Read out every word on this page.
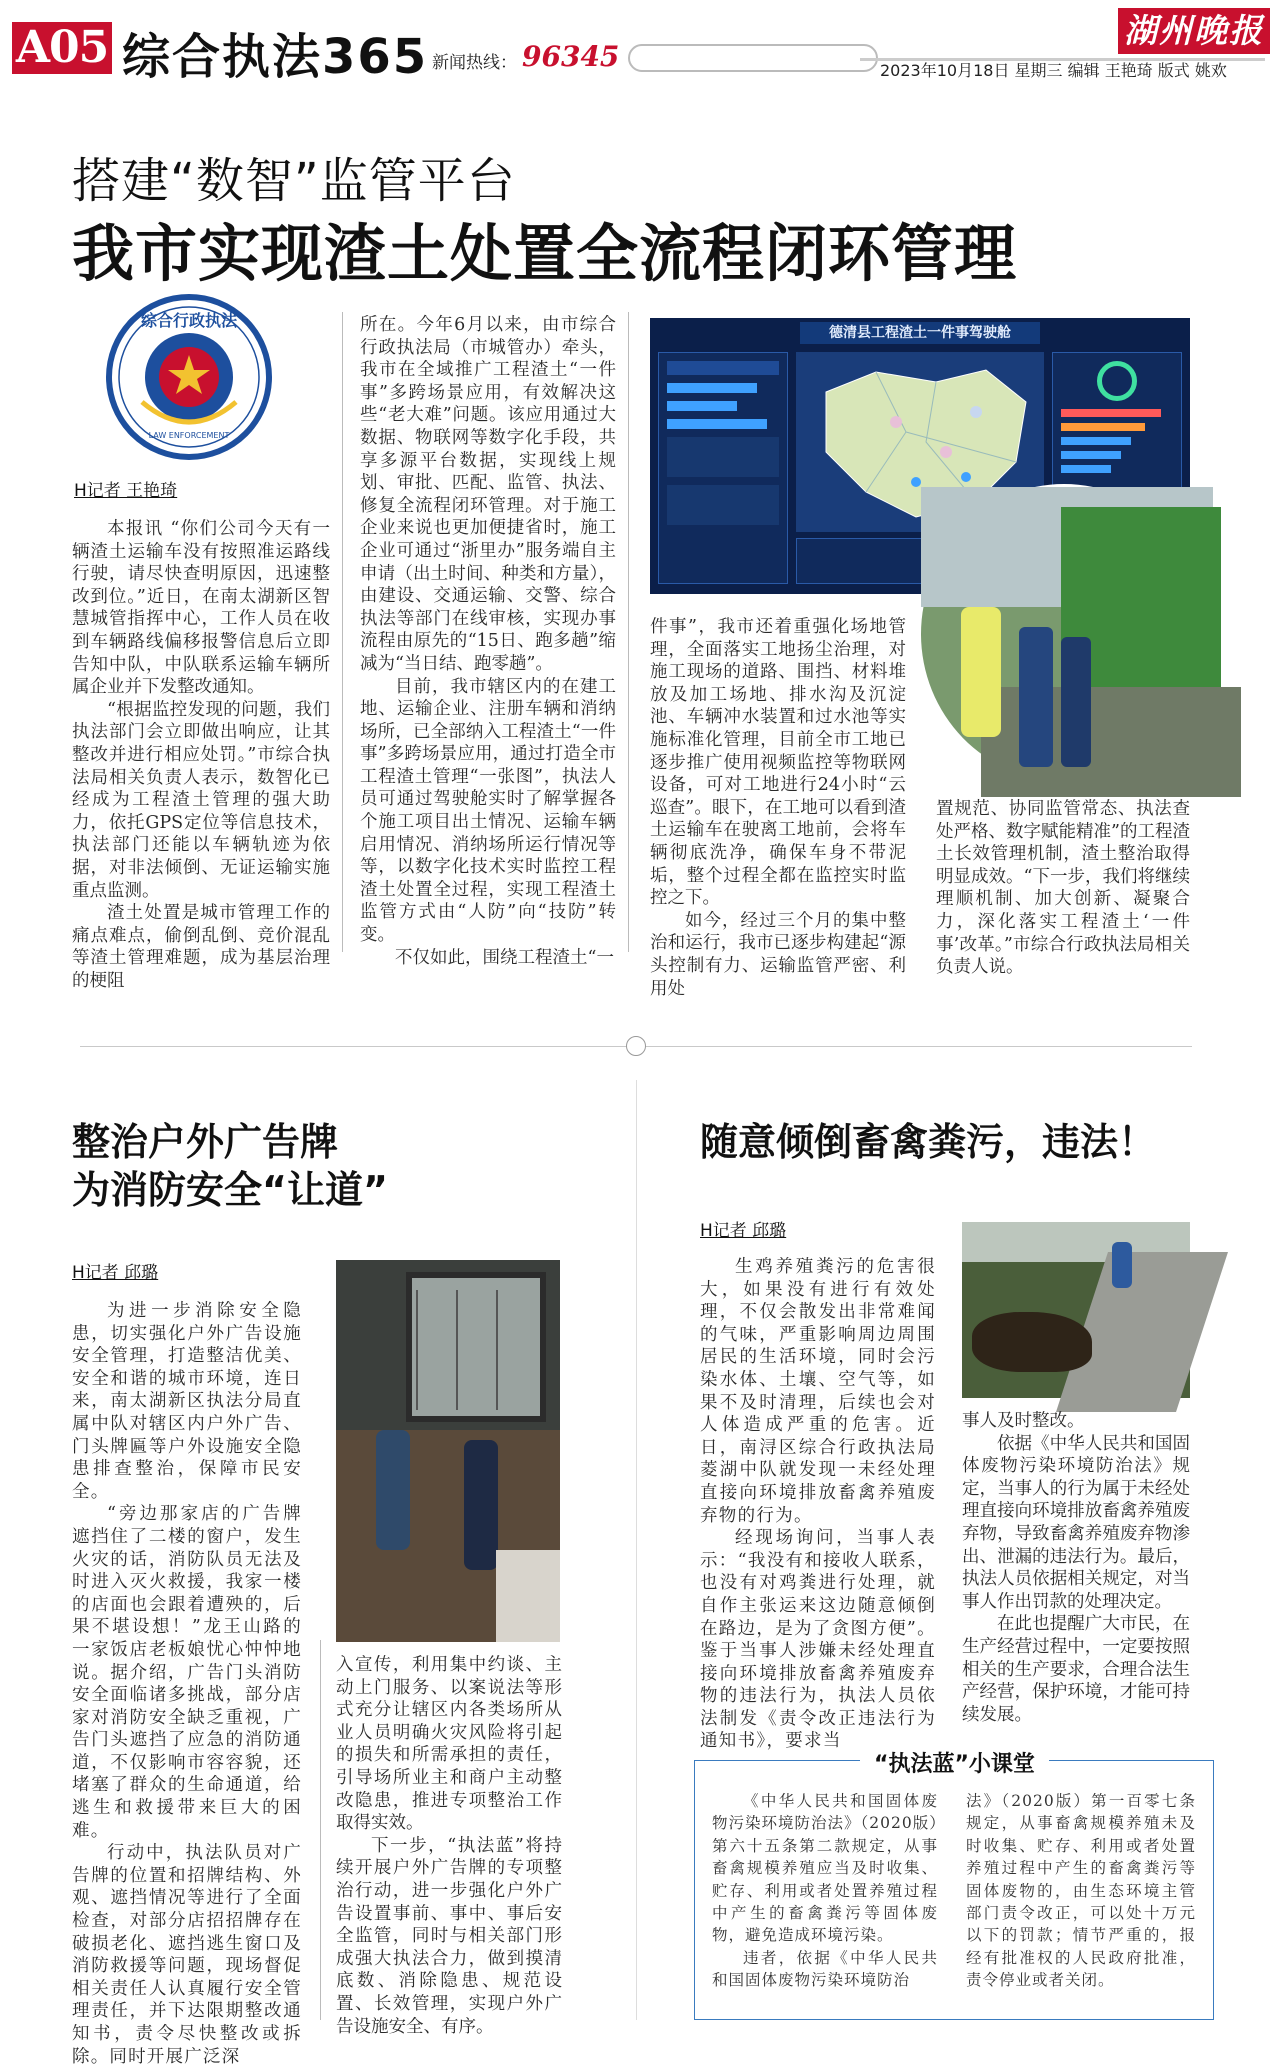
A05 综合执法365 新闻热线： 96345
湖州晚报
2023年10月18日 星期三 编辑 王艳琦 版式 姚欢
搭建“数智”监管平台
我市实现渣土处置全流程闭环管理
综合行政执法
LAW ENFORCEMENT
H记者 王艳琦

本报讯 “你们公司今天有一辆渣土运输车没有按照准运路线行驶，请尽快查明原因，迅速整改到位。”近日，在南太湖新区智慧城管指挥中心，工作人员在收到车辆路线偏移报警信息后立即告知中队，中队联系运输车辆所属企业并下发整改通知。

“根据监控发现的问题，我们执法部门会立即做出响应，让其整改并进行相应处罚。”市综合执法局相关负责人表示，数智化已经成为工程渣土管理的强大助力，依托GPS定位等信息技术，执法部门还能以车辆轨迹为依据，对非法倾倒、无证运输实施重点监测。

渣土处置是城市管理工作的痛点难点，偷倒乱倒、竞价混乱等渣土管理难题，成为基层治理的梗阻

所在。今年6月以来，由市综合行政执法局（市城管办）牵头，我市在全域推广工程渣土“一件事”多跨场景应用，有效解决这些“老大难”问题。该应用通过大数据、物联网等数字化手段，共享多源平台数据，实现线上规划、审批、匹配、监管、执法、修复全流程闭环管理。对于施工企业来说也更加便捷省时，施工企业可通过“浙里办”服务端自主申请（出土时间、种类和方量），由建设、交通运输、交警、综合执法等部门在线审核，实现办事流程由原先的“15日、跑多趟”缩减为“当日结、跑零趟”。

目前，我市辖区内的在建工地、运输企业、注册车辆和消纳场所，已全部纳入工程渣土“一件事”多跨场景应用，通过打造全市工程渣土管理“一张图”，执法人员可通过驾驶舱实时了解掌握各个施工项目出土情况、运输车辆启用情况、消纳场所运行情况等等，以数字化技术实时监控工程渣土处置全过程，实现工程渣土监管方式由“人防”向“技防”转变。

不仅如此，围绕工程渣土“一

德清县工程渣土一件事驾驶舱

件事”，我市还着重强化场地管理，全面落实工地扬尘治理，对施工现场的道路、围挡、材料堆放及加工场地、排水沟及沉淀池、车辆冲水装置和过水池等实施标准化管理，目前全市工地已逐步推广使用视频监控等物联网设备，可对工地进行24小时“云巡查”。眼下，在工地可以看到渣土运输车在驶离工地前，会将车辆彻底洗净，确保车身不带泥垢，整个过程全都在监控实时监控之下。

如今，经过三个月的集中整治和运行，我市已逐步构建起“源头控制有力、运输监管严密、利用处

置规范、协同监管常态、执法查处严格、数字赋能精准”的工程渣土长效管理机制，渣土整治取得明显成效。“下一步，我们将继续理顺机制、加大创新、凝聚合力，深化落实工程渣土‘一件事’改革。”市综合行政执法局相关负责人说。

整治户外广告牌
为消防安全“让道”
H记者 邱璐

为进一步消除安全隐患，切实强化户外广告设施安全管理，打造整洁优美、安全和谐的城市环境，连日来，南太湖新区执法分局直属中队对辖区内户外广告、门头牌匾等户外设施安全隐患排查整治，保障市民安全。

“旁边那家店的广告牌遮挡住了二楼的窗户，发生火灾的话，消防队员无法及时进入灭火救援，我家一楼的店面也会跟着遭殃的，后果不堪设想！”龙王山路的一家饭店老板娘忧心忡忡地说。据介绍，广告门头消防安全面临诸多挑战，部分店家对消防安全缺乏重视，广告门头遮挡了应急的消防通道，不仅影响市容容貌，还堵塞了群众的生命通道，给逃生和救援带来巨大的困难。

行动中，执法队员对广告牌的位置和招牌结构、外观、遮挡情况等进行了全面检查，对部分店招招牌存在破损老化、遮挡逃生窗口及消防救援等问题，现场督促相关责任人认真履行安全管理责任，并下达限期整改通知书，责令尽快整改或拆除。同时开展广泛深

入宣传，利用集中约谈、主动上门服务、以案说法等形式充分让辖区内各类场所从业人员明确火灾风险将引起的损失和所需承担的责任，引导场所业主和商户主动整改隐患，推进专项整治工作取得实效。

下一步，“执法蓝”将持续开展户外广告牌的专项整治行动，进一步强化户外广告设置事前、事中、事后安全监管，同时与相关部门形成强大执法合力，做到摸清底数、消除隐患、规范设置、长效管理，实现户外广告设施安全、有序。

随意倾倒畜禽粪污，违法！
H记者 邱璐

生鸡养殖粪污的危害很大，如果没有进行有效处理，不仅会散发出非常难闻的气味，严重影响周边周围居民的生活环境，同时会污染水体、土壤、空气等，如果不及时清理，后续也会对人体造成严重的危害。近日，南浔区综合行政执法局菱湖中队就发现一未经处理直接向环境排放畜禽养殖废弃物的行为。

经现场询问，当事人表示：“我没有和接收人联系，也没有对鸡粪进行处理，就自作主张运来这边随意倾倒在路边，是为了贪图方便”。鉴于当事人涉嫌未经处理直接向环境排放畜禽养殖废弃物的违法行为，执法人员依法制发《责令改正违法行为通知书》，要求当

事人及时整改。

依据《中华人民共和国固体废物污染环境防治法》规定，当事人的行为属于未经处理直接向环境排放畜禽养殖废弃物，导致畜禽养殖废弃物渗出、泄漏的违法行为。最后，执法人员依据相关规定，对当事人作出罚款的处理决定。

在此也提醒广大市民，在生产经营过程中，一定要按照相关的生产要求，合理合法生产经营，保护环境，才能可持续发展。

“执法蓝”小课堂

《中华人民共和国固体废物污染环境防治法》（2020版）第六十五条第二款规定，从事畜禽规模养殖应当及时收集、贮存、利用或者处置养殖过程中产生的畜禽粪污等固体废物，避免造成环境污染。

违者，依据《中华人民共和国固体废物污染环境防治

法》（2020版）第一百零七条规定，从事畜禽规模养殖未及时收集、贮存、利用或者处置养殖过程中产生的畜禽粪污等固体废物的，由生态环境主管部门责令改正，可以处十万元以下的罚款；情节严重的，报经有批准权的人民政府批准，责令停业或者关闭。
